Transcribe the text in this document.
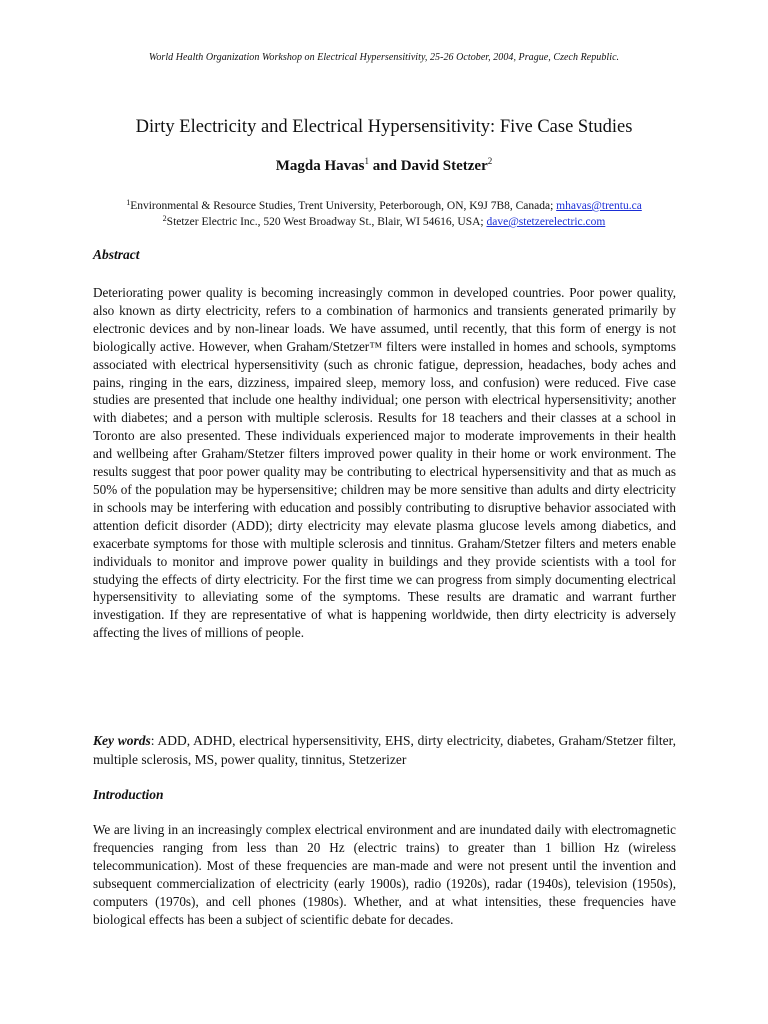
World Health Organization Workshop on Electrical Hypersensitivity, 25-26 October, 2004, Prague, Czech Republic.
Dirty Electricity and Electrical Hypersensitivity: Five Case Studies
Magda Havas$^1$ and David Stetzer$^2$
$^1$Environmental & Resource Studies, Trent University, Peterborough, ON, K9J 7B8, Canada; mhavas@trentu.ca
$^2$Stetzer Electric Inc., 520 West Broadway St., Blair, WI 54616, USA; dave@stetzerelectric.com
Abstract
Deteriorating power quality is becoming increasingly common in developed countries. Poor power quality, also known as dirty electricity, refers to a combination of harmonics and transients generated primarily by electronic devices and by non-linear loads. We have assumed, until recently, that this form of energy is not biologically active. However, when Graham/Stetzer™ filters were installed in homes and schools, symptoms associated with electrical hypersensitivity (such as chronic fatigue, depression, headaches, body aches and pains, ringing in the ears, dizziness, impaired sleep, memory loss, and confusion) were reduced. Five case studies are presented that include one healthy individual; one person with electrical hypersensitivity; another with diabetes; and a person with multiple sclerosis. Results for 18 teachers and their classes at a school in Toronto are also presented. These individuals experienced major to moderate improvements in their health and wellbeing after Graham/Stetzer filters improved power quality in their home or work environment. The results suggest that poor power quality may be contributing to electrical hypersensitivity and that as much as 50% of the population may be hypersensitive; children may be more sensitive than adults and dirty electricity in schools may be interfering with education and possibly contributing to disruptive behavior associated with attention deficit disorder (ADD); dirty electricity may elevate plasma glucose levels among diabetics, and exacerbate symptoms for those with multiple sclerosis and tinnitus. Graham/Stetzer filters and meters enable individuals to monitor and improve power quality in buildings and they provide scientists with a tool for studying the effects of dirty electricity. For the first time we can progress from simply documenting electrical hypersensitivity to alleviating some of the symptoms. These results are dramatic and warrant further investigation. If they are representative of what is happening worldwide, then dirty electricity is adversely affecting the lives of millions of people.
Key words: ADD, ADHD, electrical hypersensitivity, EHS, dirty electricity, diabetes, Graham/Stetzer filter, multiple sclerosis, MS, power quality, tinnitus, Stetzerizer
Introduction
We are living in an increasingly complex electrical environment and are inundated daily with electromagnetic frequencies ranging from less than 20 Hz (electric trains) to greater than 1 billion Hz (wireless telecommunication). Most of these frequencies are man-made and were not present until the invention and subsequent commercialization of electricity (early 1900s), radio (1920s), radar (1940s), television (1950s), computers (1970s), and cell phones (1980s). Whether, and at what intensities, these frequencies have biological effects has been a subject of scientific debate for decades.
